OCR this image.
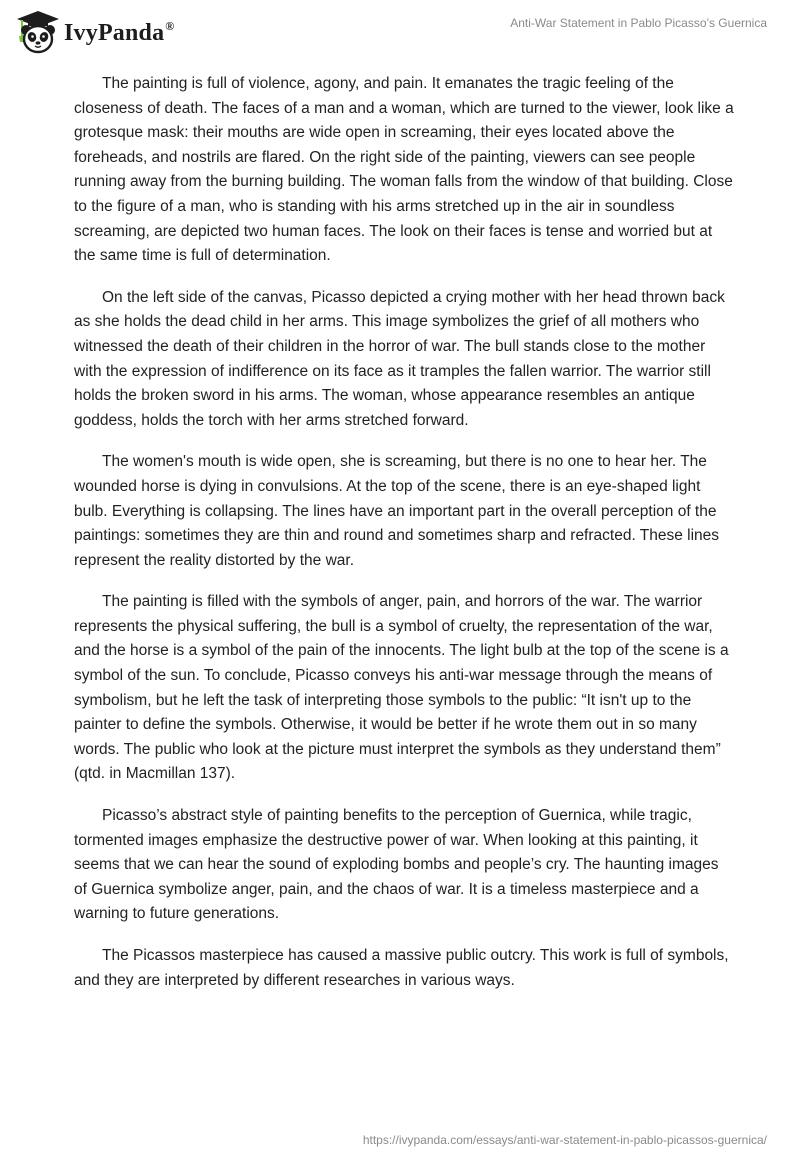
IvyPanda®	Anti-War Statement in Pablo Picasso’s Guernica

The painting is full of violence, agony, and pain. It emanates the tragic feeling of the closeness of death. The faces of a man and a woman, which are turned to the viewer, look like a grotesque mask: their mouths are wide open in screaming, their eyes located above the foreheads, and nostrils are flared. On the right side of the painting, viewers can see people running away from the burning building. The woman falls from the window of that building. Close to the figure of a man, who is standing with his arms stretched up in the air in soundless screaming, are depicted two human faces. The look on their faces is tense and worried but at the same time is full of determination.

On the left side of the canvas, Picasso depicted a crying mother with her head thrown back as she holds the dead child in her arms. This image symbolizes the grief of all mothers who witnessed the death of their children in the horror of war. The bull stands close to the mother with the expression of indifference on its face as it tramples the fallen warrior. The warrior still holds the broken sword in his arms. The woman, whose appearance resembles an antique goddess, holds the torch with her arms stretched forward.

The women's mouth is wide open, she is screaming, but there is no one to hear her. The wounded horse is dying in convulsions. At the top of the scene, there is an eye-shaped light bulb. Everything is collapsing. The lines have an important part in the overall perception of the paintings: sometimes they are thin and round and sometimes sharp and refracted. These lines represent the reality distorted by the war.

The painting is filled with the symbols of anger, pain, and horrors of the war. The warrior represents the physical suffering, the bull is a symbol of cruelty, the representation of the war, and the horse is a symbol of the pain of the innocents. The light bulb at the top of the scene is a symbol of the sun. To conclude, Picasso conveys his anti-war message through the means of symbolism, but he left the task of interpreting those symbols to the public: “It isn't up to the painter to define the symbols. Otherwise, it would be better if he wrote them out in so many words. The public who look at the picture must interpret the symbols as they understand them” (qtd. in Macmillan 137).

Picasso’s abstract style of painting benefits to the perception of Guernica, while tragic, tormented images emphasize the destructive power of war. When looking at this painting, it seems that we can hear the sound of exploding bombs and people’s cry. The haunting images of Guernica symbolize anger, pain, and the chaos of war. It is a timeless masterpiece and a warning to future generations.

The Picassos masterpiece has caused a massive public outcry. This work is full of symbols, and they are interpreted by different researches in various ways.

https://ivypanda.com/essays/anti-war-statement-in-pablo-picassos-guernica/
